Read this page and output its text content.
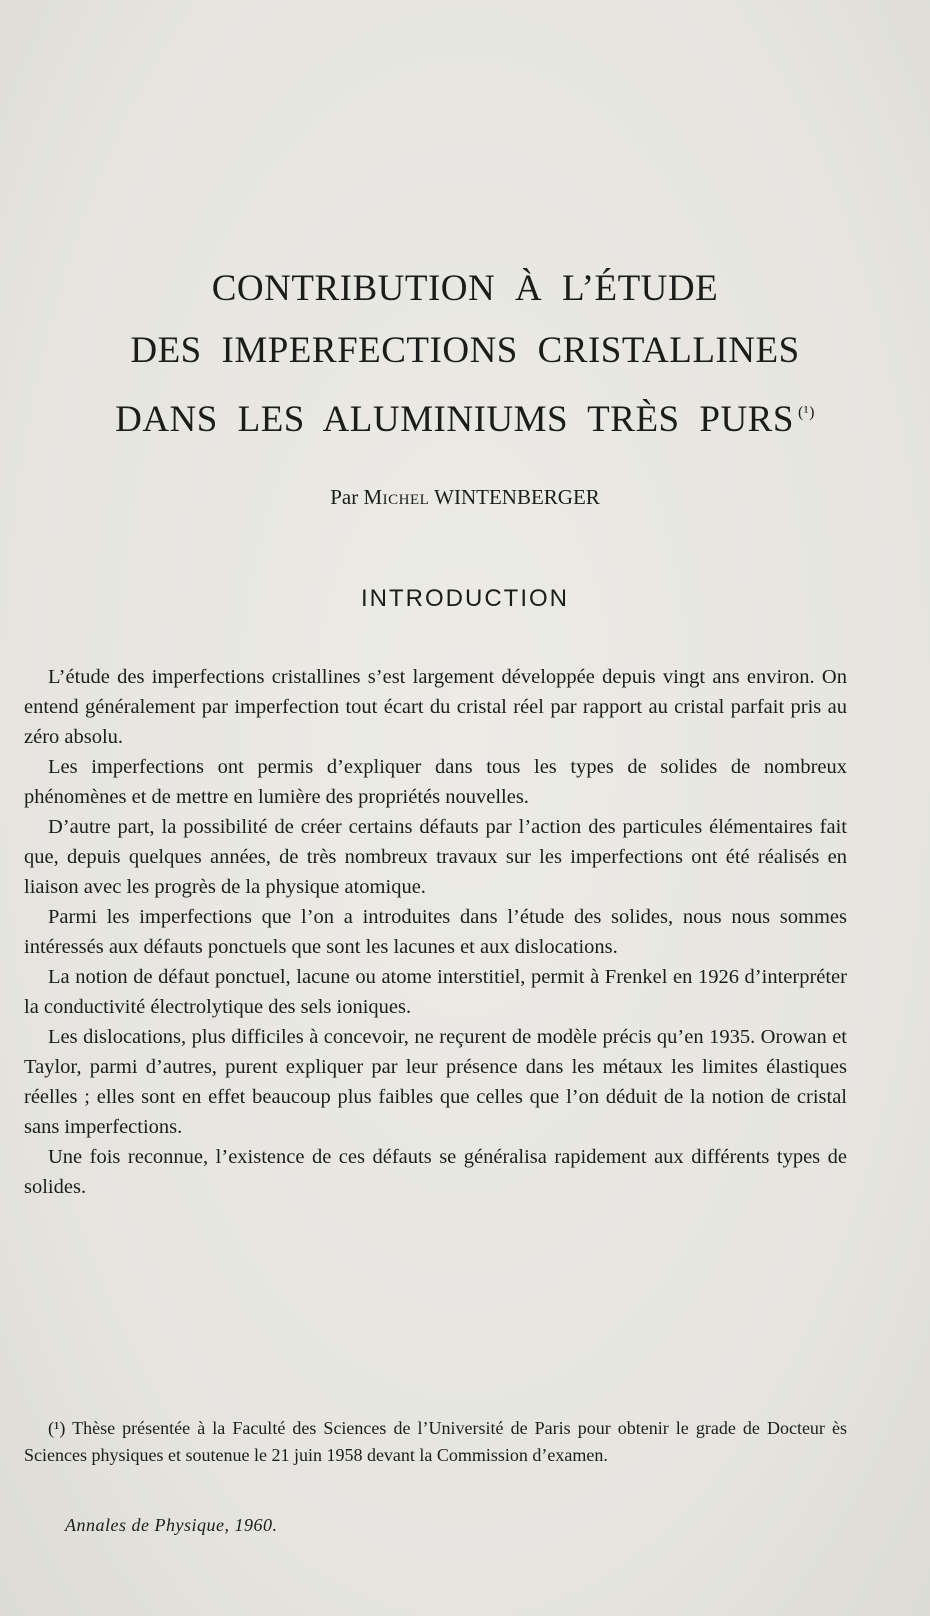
CONTRIBUTION À L’ÉTUDE
DES IMPERFECTIONS CRISTALLINES
DANS LES ALUMINIUMS TRÈS PURS $^{(^1)}$
Par Michel WINTENBERGER
INTRODUCTION

L’étude des imperfections cristallines s’est largement développée depuis vingt ans environ. On entend généralement par imperfection tout écart du cristal réel par rapport au cristal parfait pris au zéro absolu.

Les imperfections ont permis d’expliquer dans tous les types de solides de nombreux phénomènes et de mettre en lumière des propriétés nouvelles.

D’autre part, la possibilité de créer certains défauts par l’action des particules élémentaires fait que, depuis quelques années, de très nombreux travaux sur les imperfections ont été réalisés en liaison avec les progrès de la physique atomique.

Parmi les imperfections que l’on a introduites dans l’étude des solides, nous nous sommes intéressés aux défauts ponctuels que sont les lacunes et aux dislocations.

La notion de défaut ponctuel, lacune ou atome interstitiel, permit à Frenkel en 1926 d’interpréter la conductivité électrolytique des sels ioniques.

Les dislocations, plus difficiles à concevoir, ne reçurent de modèle précis qu’en 1935. Orowan et Taylor, parmi d’autres, purent expliquer par leur présence dans les métaux les limites élastiques réelles ; elles sont en effet beaucoup plus faibles que celles que l’on déduit de la notion de cristal sans imperfections.

Une fois reconnue, l’existence de ces défauts se généralisa rapidement aux différents types de solides.

(¹) Thèse présentée à la Faculté des Sciences de l’Université de Paris pour obtenir le grade de Docteur ès Sciences physiques et soutenue le 21 juin 1958 devant la Commission d’examen.

Annales de Physique, 1960.
